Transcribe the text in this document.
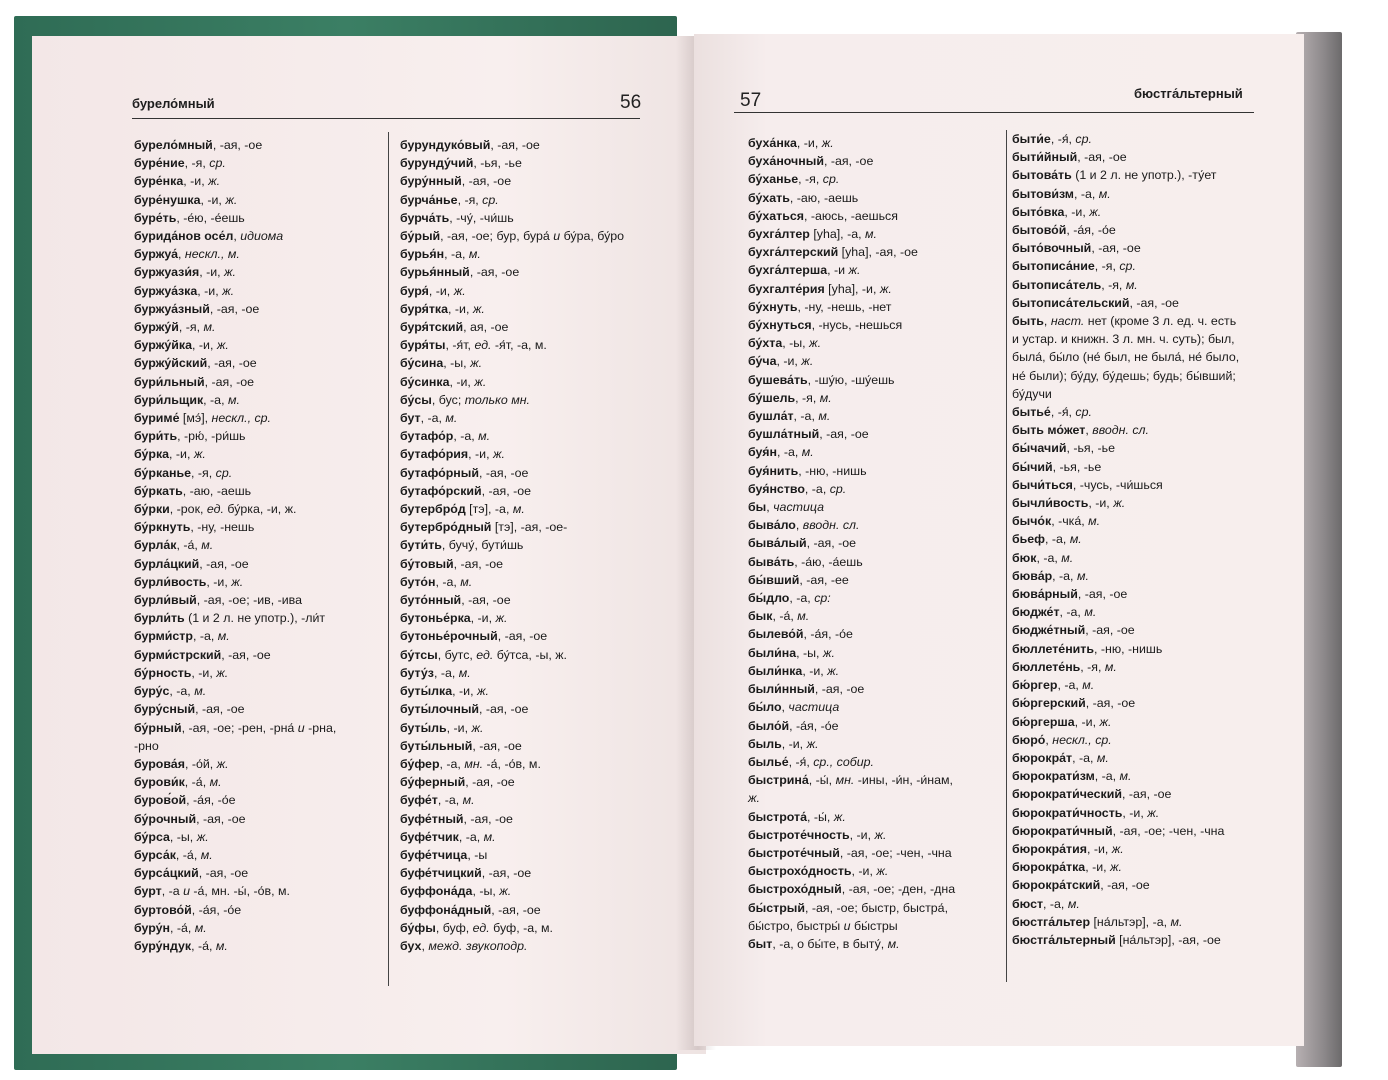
бурело́мный	56
бурело́мный, -ая, -ое
буре́ние, -я, ср.
буре́нка, -и, ж.
буре́нушка, -и, ж.
буре́ть, -е́ю, -е́ешь
бурида́нов осе́л, идиома
буржуа́, нескл., м.
буржуази́я, -и, ж.
буржуа́зка, -и, ж.
буржуа́зный, -ая, -ое
буржу́й, -я, м.
буржу́йка, -и, ж.
буржу́йский, -ая, -ое
бури́льный, -ая, -ое
бури́льщик, -а, м.
буриме́ [мэ́], нескл., ср.
бури́ть, -рю́, -ри́шь
бу́рка, -и, ж.
бу́рканье, -я, ср.
бу́ркать, -аю, -аешь
бу́рки, -рок, ед. бу́рка, -и, ж.
бу́ркнуть, -ну, -нешь
бурла́к, -а́, м.
бурла́цкий, -ая, -ое
бурли́вость, -и, ж.
бурли́вый, -ая, -ое; -ив, -ива
бурли́ть (1 и 2 л. не употр.), -ли́т
бурми́стр, -а, м.
бурми́стрский, -ая, -ое
бу́рность, -и, ж.
буру́с, -а, м.
буру́сный, -ая, -ое
бу́рный, -ая, -ое; -рен, -рна́ и -рна,
-рно
бурова́я, -о́й, ж.
бурови́к, -а́, м.
буров́ой, -а́я, -о́е
бу́рочный, -ая, -ое
бу́рса, -ы, ж.
бурса́к, -а́, м.
бурса́цкий, -ая, -ое
бурт, -а и -а́, мн. -ы́, -о́в, м.
буртово́й, -а́я, -о́е
буру́н, -а́, м.
буру́ндук, -а́, м.
бурундуко́вый, -ая, -ое
бурунду́чий, -ья, -ье
буру́нный, -ая, -ое
бурча́нье, -я, ср.
бурча́ть, -чу́, -чи́шь
бу́рый, -ая, -ое; бур, бура́ и бу́ра, бу́ро
бурья́н, -а, м.
бурья́нный, -ая, -ое
буря́, -и, ж.
буря́тка, -и, ж.
буря́тский, ая, -ое
буря́ты, -я́т, ед. -я́т, -а, м.
бу́сина, -ы, ж.
бу́синка, -и, ж.
бу́сы, бус; только мн.
бут, -а, м.
бутафо́р, -а, м.
бутафо́рия, -и, ж.
бутафо́рный, -ая, -ое
бутафо́рский, -ая, -ое
бутербро́д [тэ], -а, м.
бутербро́дный [тэ], -ая, -ое-
бути́ть, бучу́, бути́шь
бу́товый, -ая, -ое
буто́н, -а, м.
буто́нный, -ая, -ое
бутонье́рка, -и, ж.
бутонье́рочный, -ая, -ое
бу́тсы, бутс, ед. бу́тса, -ы, ж.
буту́з, -а, м.
буты́лка, -и, ж.
буты́лочный, -ая, -ое
буты́ль, -и, ж.
буты́льный, -ая, -ое
бу́фер, -а, мн. -а́, -о́в, м.
бу́ферный, -ая, -ое
буфе́т, -а, м.
буфе́тный, -ая, -ое
буфе́тчик, -а, м.
буфе́тчица, -ы
буфе́тчицкий, -ая, -ое
буффона́да, -ы, ж.
буффона́дный, -ая, -ое
бу́фы, буф, ед. буф, -а, м.
бух, межд. звукоподр.
57	бюстга́льтерный
буха́нка, -и, ж.
буха́ночный, -ая, -ое
бу́ханье, -я, ср.
бу́хать, -аю, -аешь
бу́хаться, -аюсь, -аешься
бухга́лтер [yha], -а, м.
бухга́лтерский [yha], -ая, -ое
бухга́лтерша, -и ж.
бухгалте́рия [yha], -и, ж.
бу́хнуть, -ну, -нешь, -нет
бу́хнуться, -нусь, -нешься
бу́хта, -ы, ж.
бу́ча, -и, ж.
бушева́ть, -шу́ю, -шу́ешь
бу́шель, -я, м.
бушла́т, -а, м.
бушла́тный, -ая, -ое
буя́н, -а, м.
буя́нить, -ню, -нишь
буя́нство, -а, ср.
бы, частица
быва́ло, вводн. сл.
быва́лый, -ая, -ое
быва́ть, -а́ю, -а́ешь
бы́вший, -ая, -ее
бы́дло, -а, ср:
бык, -а́, м.
былево́й, -а́я, -о́е
были́на, -ы, ж.
были́нка, -и, ж.
были́нный, -ая, -ое
бы́ло, частица
было́й, -а́я, -о́е
быль, -и, ж.
былье́, -я́, ср., собир.
быстрина́, -ы́, мн. -ины, -и́н, -и́нам,
ж.
быстрота́, -ы́, ж.
быстроте́чность, -и, ж.
быстроте́чный, -ая, -ое; -чен, -чна
быстрохо́дность, -и, ж.
быстрохо́дный, -ая, -ое; -ден, -дна
бы́стрый, -ая, -ое; быстр, быстра́,
бы́стро, быстры́ и бы́стры
быт, -а, о бы́те, в быту́, м.
быти́е, -я́, ср.
быти́йный, -ая, -ое
бытова́ть (1 и 2 л. не употр.), -ту́ет
бытови́зм, -а, м.
быто́вка, -и, ж.
бытово́й, -а́я, -о́е
быто́вочный, -ая, -ое
бытописа́ние, -я, ср.
бытописа́тель, -я, м.
бытописа́тельский, -ая, -ое
быть, наст. нет (кроме 3 л. ед. ч. есть
и устар. и книжн. 3 л. мн. ч. суть); был,
была́, бы́ло (не́ был, не была́, не́ было,
не́ были); бу́ду, бу́дешь; будь; бы́вший;
бу́дучи
бытье́, -я́, ср.
быть мо́жет, вводн. сл.
бы́чачий, -ья, -ье
бы́чий, -ья, -ье
бычи́ться, -чусь, -чи́шься
бычли́вость, -и, ж.
бычо́к, -чка́, м.
бьеф, -а, м.
бюк, -а, м.
бюва́р, -а, м.
бюва́рный, -ая, -ое
бюдже́т, -а, м.
бюдже́тный, -ая, -ое
бюллете́нить, -ню, -нишь
бюллете́нь, -я, м.
бю́ргер, -а, м.
бю́ргерский, -ая, -ое
бю́ргерша, -и, ж.
бюро́, нескл., ср.
бюрокра́т, -а, м.
бюрократи́зм, -а, м.
бюрократи́ческий, -ая, -ое
бюрократи́чность, -и, ж.
бюрократи́чный, -ая, -ое; -чен, -чна
бюрокра́тия, -и, ж.
бюрокра́тка, -и, ж.
бюрокра́тский, -ая, -ое
бюст, -а, м.
бюстга́льтер [на́льтэр], -а, м.
бюстга́льтерный [на́льтэр], -ая, -ое
